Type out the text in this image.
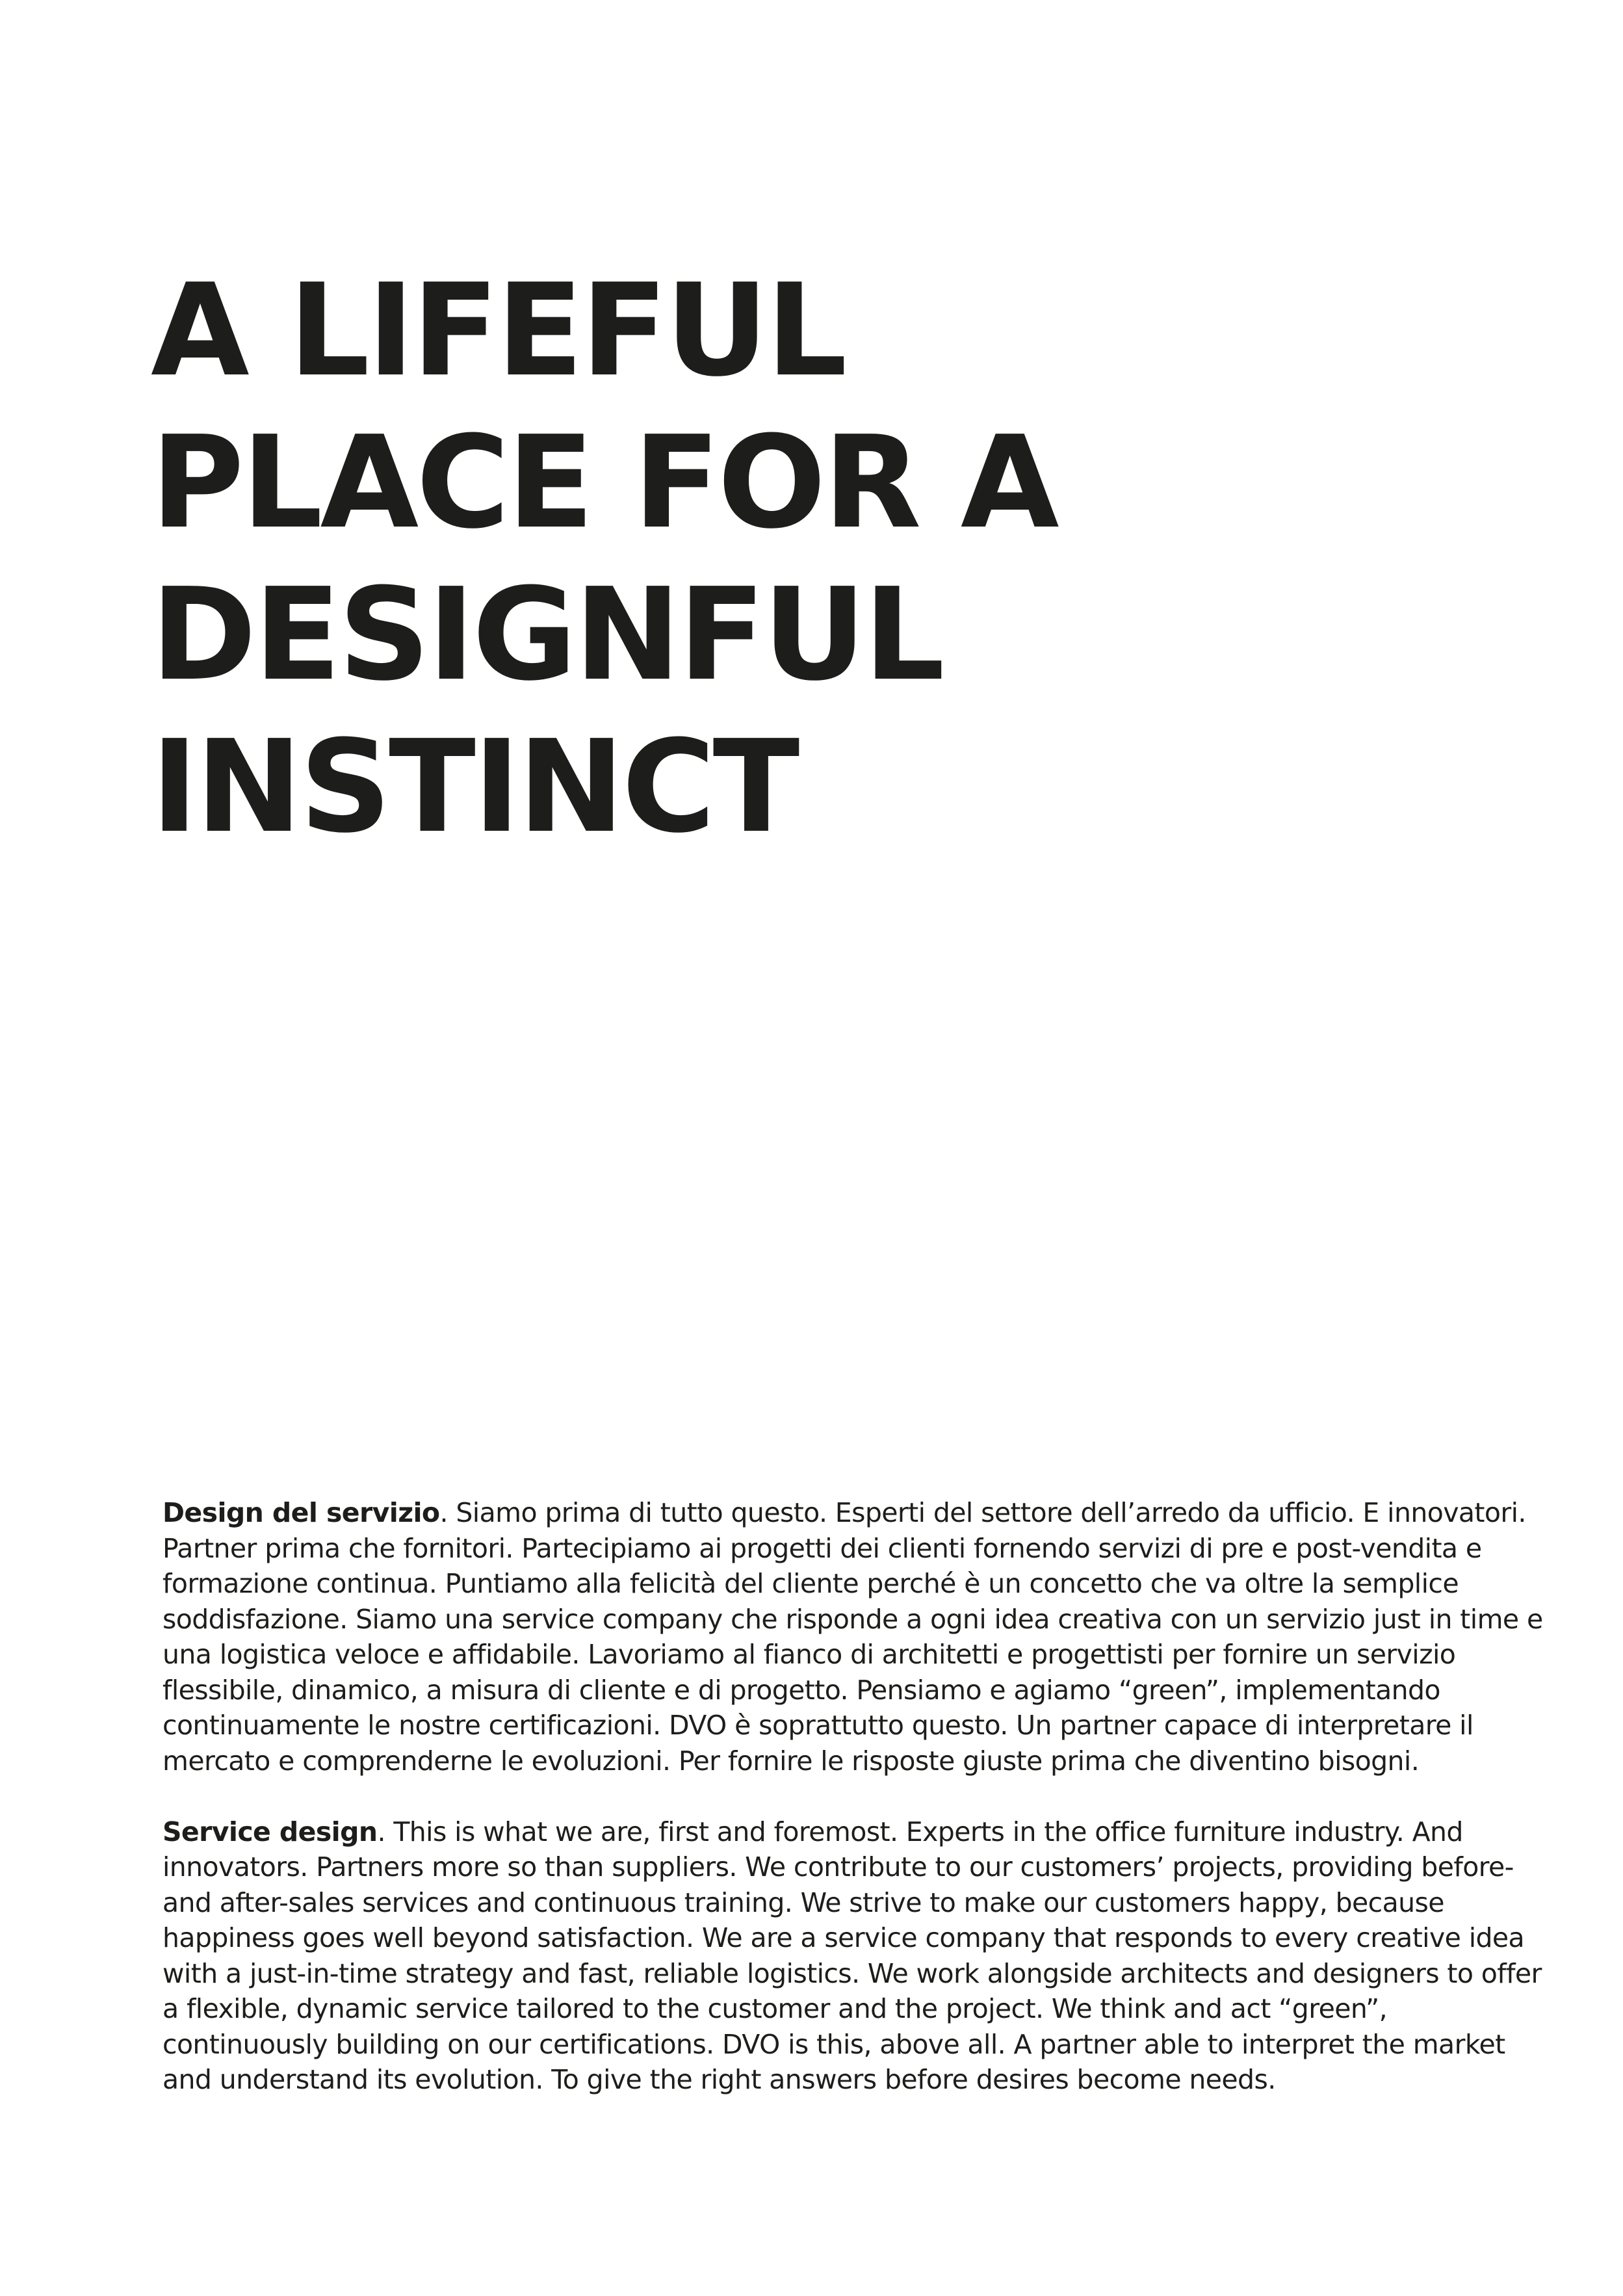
A LIFEFUL
PLACE FOR A
DESIGNFUL
INSTINCT

Design del servizio. Siamo prima di tutto questo. Esperti del settore dell’arredo da ufficio. E innovatori. Partner prima che fornitori. Partecipiamo ai progetti dei clienti fornendo servizi di pre e post-vendita e formazione continua. Puntiamo alla felicità del cliente perché è un concetto che va oltre la semplice soddisfazione. Siamo una service company che risponde a ogni idea creativa con un servizio just in time e una logistica veloce e affidabile. Lavoriamo al fianco di architetti e progettisti per fornire un servizio flessibile, dinamico, a misura di cliente e di progetto. Pensiamo e agiamo “green”, implementando continuamente le nostre certificazioni. DVO è soprattutto questo. Un partner capace di interpretare il mercato e comprenderne le evoluzioni. Per fornire le risposte giuste prima che diventino bisogni.

Service design. This is what we are, first and foremost. Experts in the office furniture industry. And innovators. Partners more so than suppliers. We contribute to our customers’ projects, providing before- and after-sales services and continuous training. We strive to make our customers happy, because happiness goes well beyond satisfaction. We are a service company that responds to every creative idea with a just-in-time strategy and fast, reliable logistics. We work alongside architects and designers to offer a flexible, dynamic service tailored to the customer and the project. We think and act “green”, continuously building on our certifications. DVO is this, above all. A partner able to interpret the market and understand its evolution. To give the right answers before desires become needs.
